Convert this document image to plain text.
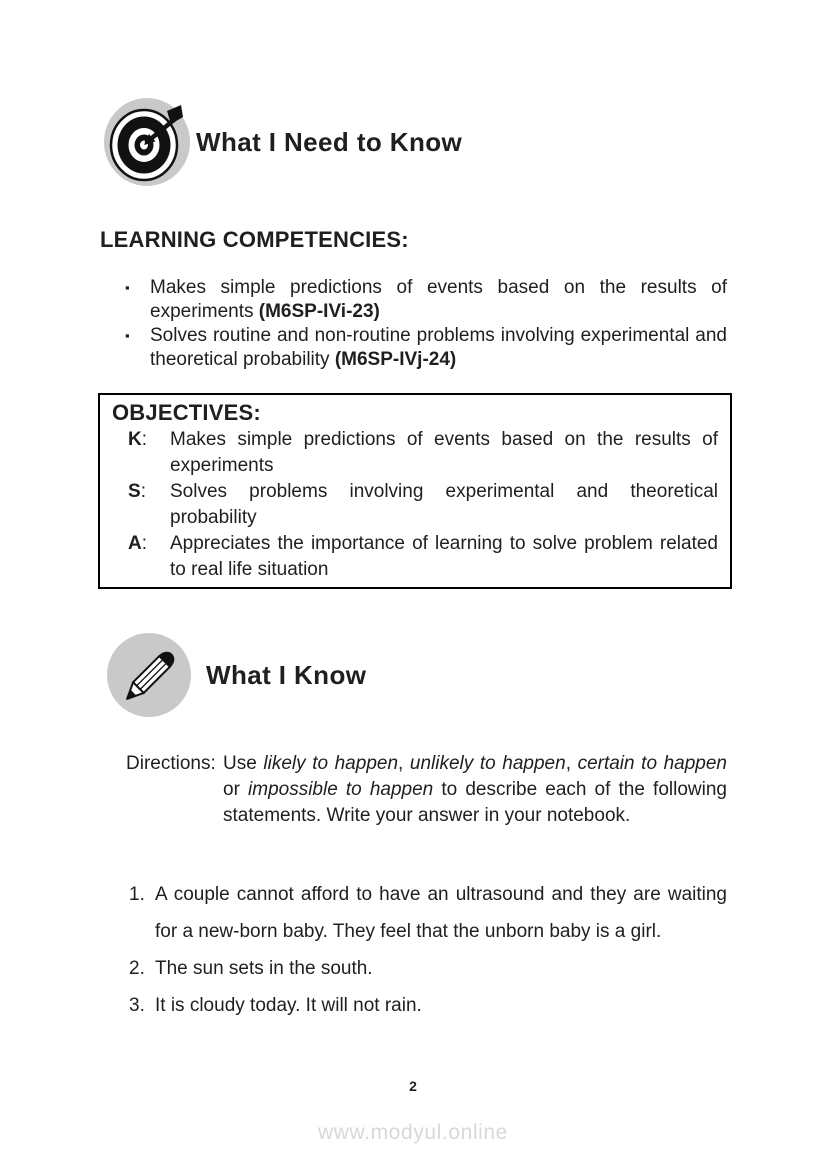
What I Need to Know
LEARNING COMPETENCIES:
▪	Makes simple predictions of events based on the results of experiments (M6SP-IVi-23)
▪	Solves routine and non-routine problems involving experimental and theoretical probability (M6SP-IVj-24)
OBJECTIVES:
K:	Makes simple predictions of events based on the results of experiments
S:	Solves problems involving experimental and theoretical probability
A:	Appreciates the importance of learning to solve problem related to real life situation
What I Know
Directions: Use likely to happen, unlikely to happen, certain to happen or impossible to happen to describe each of the following statements. Write your answer in your notebook.
1. A couple cannot afford to have an ultrasound and they are waiting for a new-born baby. They feel that the unborn baby is a girl.
2. The sun sets in the south.
3. It is cloudy today. It will not rain.
2
www.modyul.online
